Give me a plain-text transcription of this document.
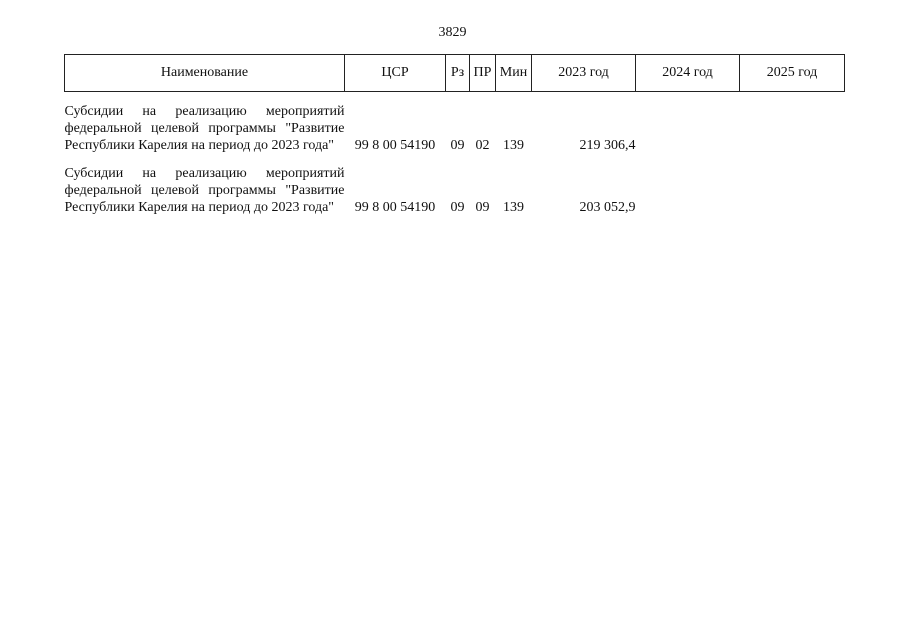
3829
Наименование	ЦСР	Рз	ПР	Мин	2023 год	2024 год	2025 год

Субсидии на реализацию мероприятий федеральной целевой программы "Развитие Республики Карелия на период до 2023 года"	99 8 00 54190	09	02	139	219 306,4		

Субсидии на реализацию мероприятий федеральной целевой программы "Развитие Республики Карелия на период до 2023 года"	99 8 00 54190	09	09	139	203 052,9		
